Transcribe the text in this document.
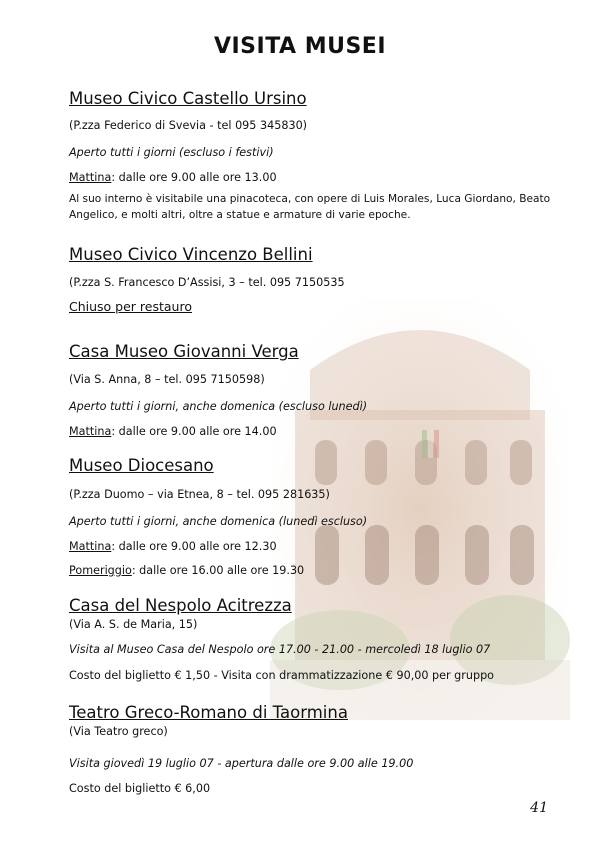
VISITA MUSEI
Museo Civico Castello Ursino
(P.zza Federico di Svevia - tel 095 345830)
Aperto tutti i giorni (escluso i festivi)
Mattina: dalle ore 9.00 alle ore 13.00
Al suo interno è visitabile una pinacoteca, con opere di Luis Morales, Luca Giordano, Beato Angelico, e molti altri, oltre a statue e armature di varie epoche.
Museo Civico Vincenzo Bellini
(P.zza S. Francesco D’Assisi, 3 – tel. 095 7150535
Chiuso per restauro
Casa Museo Giovanni Verga
(Via S. Anna, 8 – tel. 095 7150598)
Aperto tutti i giorni, anche domenica (escluso lunedì)
Mattina: dalle ore 9.00 alle ore 14.00
Museo Diocesano
(P.zza Duomo – via Etnea, 8 – tel. 095 281635)
Aperto tutti i giorni, anche domenica (lunedì escluso)
Mattina: dalle ore 9.00 alle ore 12.30
Pomeriggio: dalle ore 16.00 alle ore 19.30
Casa del Nespolo Acitrezza
(Via A. S. de Maria, 15)
Visita al Museo Casa del Nespolo ore 17.00 - 21.00 - mercoledì 18 luglio 07
Costo del biglietto € 1,50 - Visita con drammatizzazione € 90,00 per gruppo
Teatro Greco-Romano di Taormina
(Via Teatro greco)
Visita giovedì 19 luglio 07 - apertura dalle ore 9.00 alle 19.00
Costo del biglietto € 6,00
41
